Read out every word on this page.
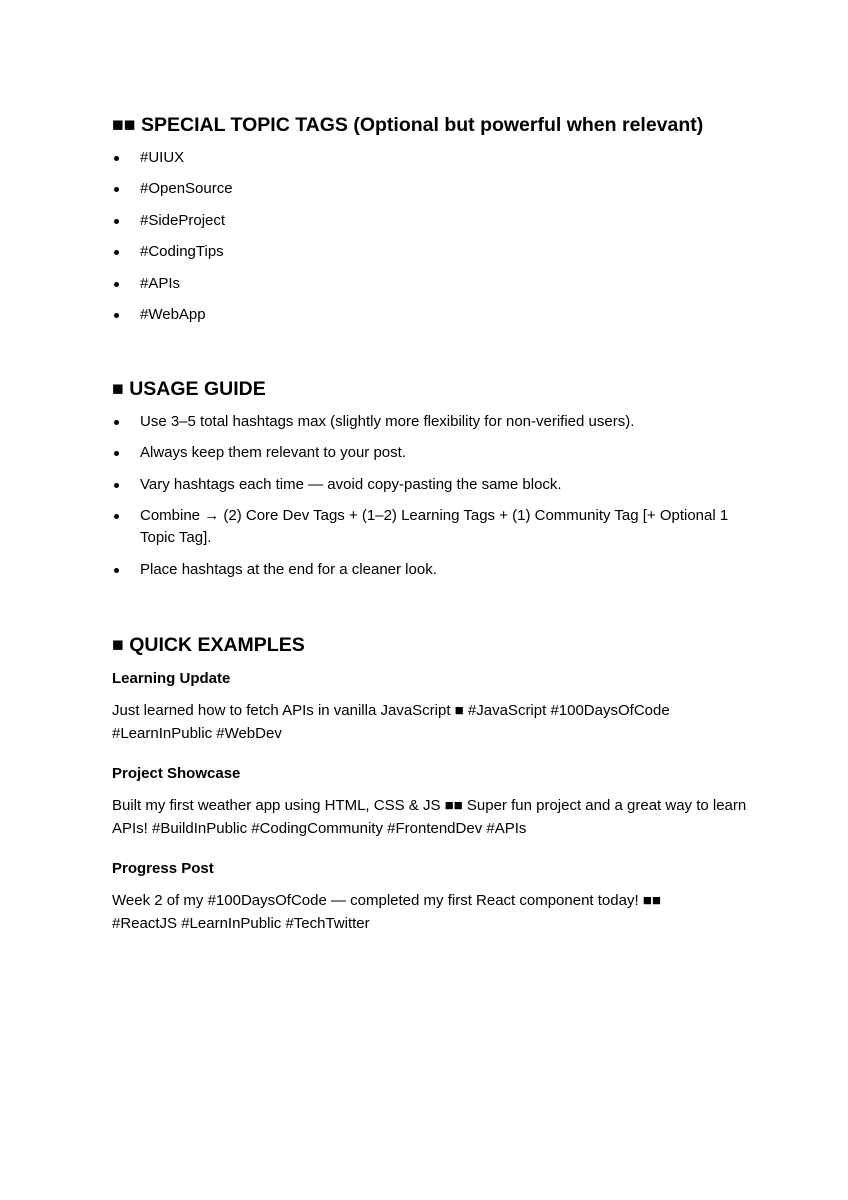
■■ SPECIAL TOPIC TAGS (Optional but powerful when relevant)
#UIUX
#OpenSource
#SideProject
#CodingTips
#APIs
#WebApp
■ USAGE GUIDE
Use 3–5 total hashtags max (slightly more flexibility for non-verified users).
Always keep them relevant to your post.
Vary hashtags each time — avoid copy-pasting the same block.
Combine → (2) Core Dev Tags + (1–2) Learning Tags + (1) Community Tag [+ Optional 1 Topic Tag].
Place hashtags at the end for a cleaner look.
■ QUICK EXAMPLES
Learning Update

Just learned how to fetch APIs in vanilla JavaScript ■ #JavaScript #100DaysOfCode #LearnInPublic #WebDev

Project Showcase

Built my first weather app using HTML, CSS & JS ■■ Super fun project and a great way to learn APIs! #BuildInPublic #CodingCommunity #FrontendDev #APIs

Progress Post

Week 2 of my #100DaysOfCode — completed my first React component today! ■■ #ReactJS #LearnInPublic #TechTwitter
